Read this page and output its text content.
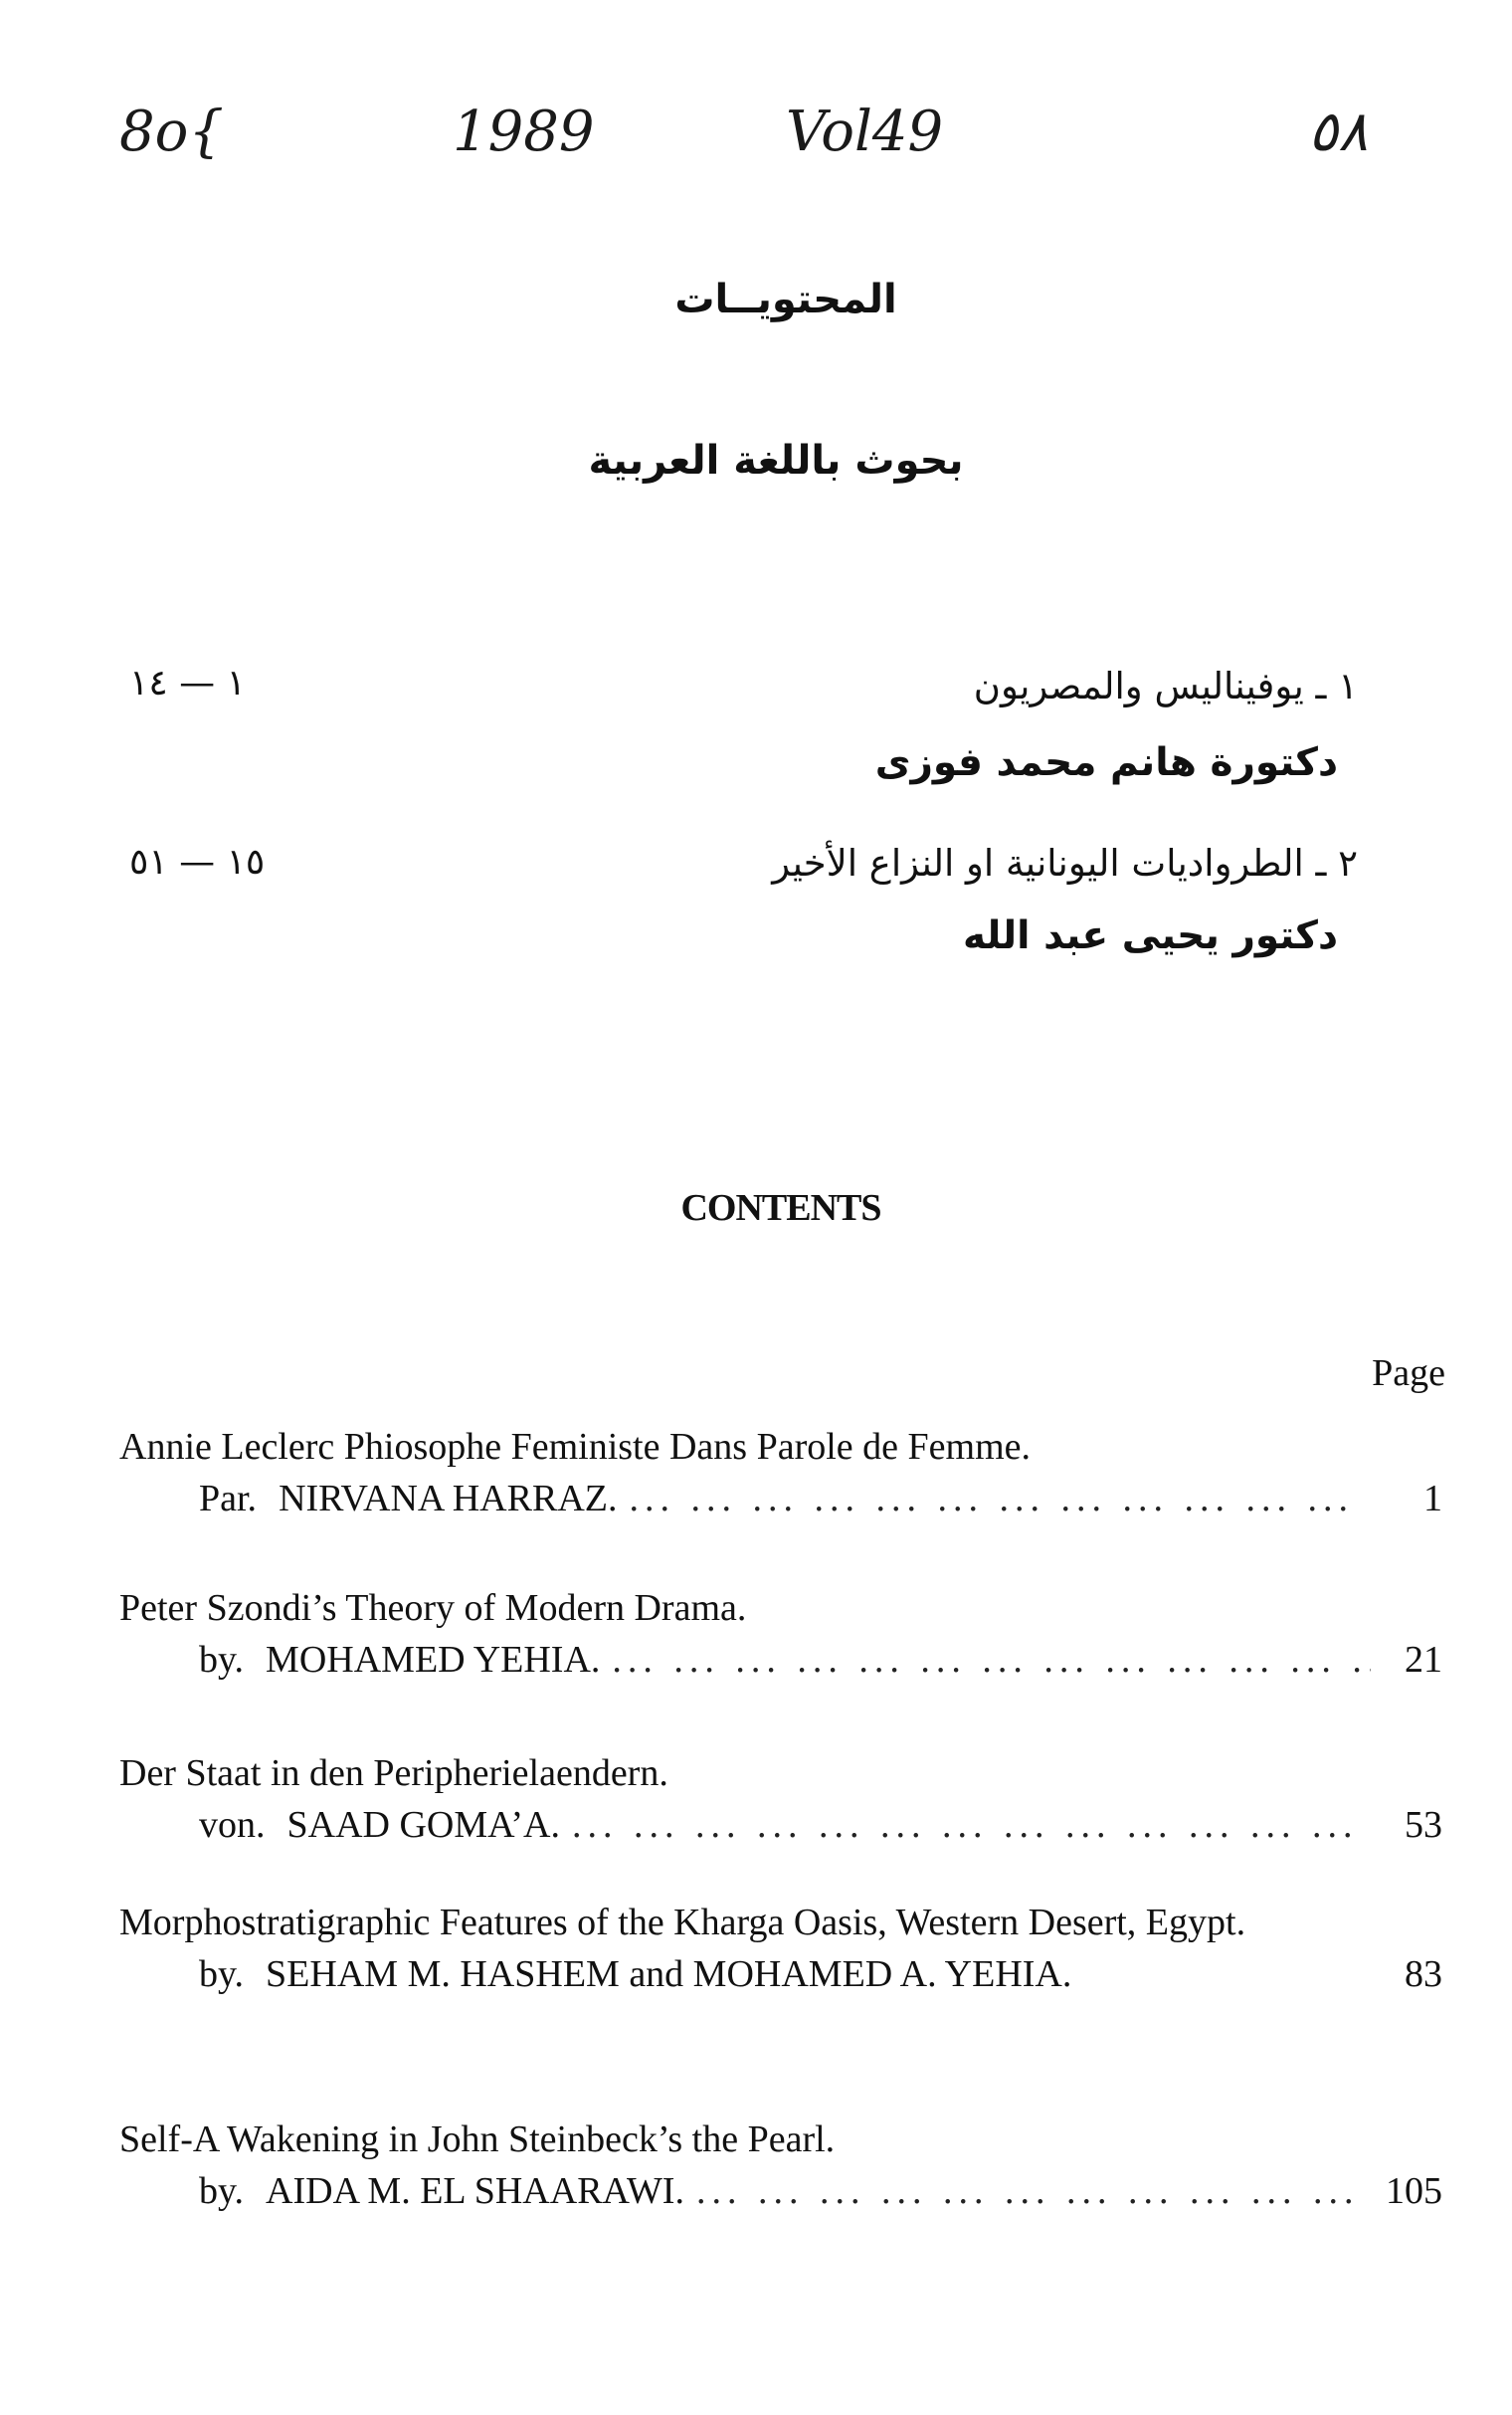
8o{	1989	Vol49	٥٨
المحتويــات
بحوث باللغة العربية
١ ـ يوفيناليس والمصريون
١ — ١٤
دكتورة هانم محمد فوزى
٢ ـ الطروا‌ديات اليونانية او النزاع الأخير
١٥ — ٥١
دكتور يحيى عبد الله
CONTENTS
Page
Annie Leclerc Phiosophe Feministe Dans Parole de Femme.
Par. NIRVANA HARRAZ. ... .	1
Peter Szondi’s Theory of Modern Drama.
by. MOHAMED YEHIA. ... .	21
Der Staat in den Peripherielaendern.
von. SAAD GOMA’A. ... .	53
Morphostratigraphic Features of the Kharga Oasis, Western Desert, Egypt.
by. SEHAM M. HASHEM and MOHAMED A. YEHIA.	83
Self-A Wakening in John Steinbeck’s the Pearl.
by. AIDA M. EL SHAARAWI. ... .	105
